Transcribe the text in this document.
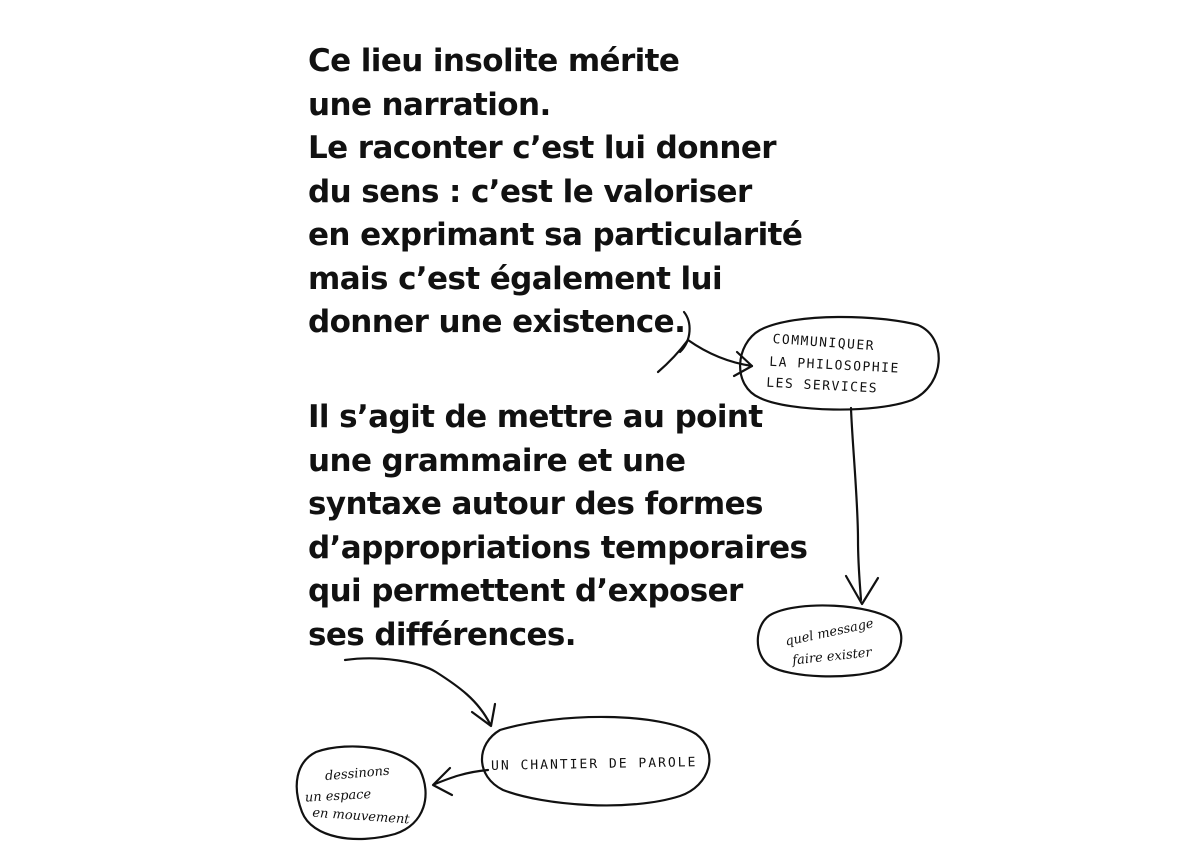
Ce lieu insolite mérite
une narration.
Le raconter c’est lui donner
du sens : c’est le valoriser
en exprimant sa particularité
mais c’est également lui
donner une existence.
Il s’agit de mettre au point
une grammaire et une
syntaxe autour des formes
d’appropriations temporaires
qui permettent d’exposer
ses différences.
COMMUNIQUER
LA PHILOSOPHIE
LES SERVICES
quel message
faire exister
UN CHANTIER DE PAROLE
dessinons
un espace
en mouvement
